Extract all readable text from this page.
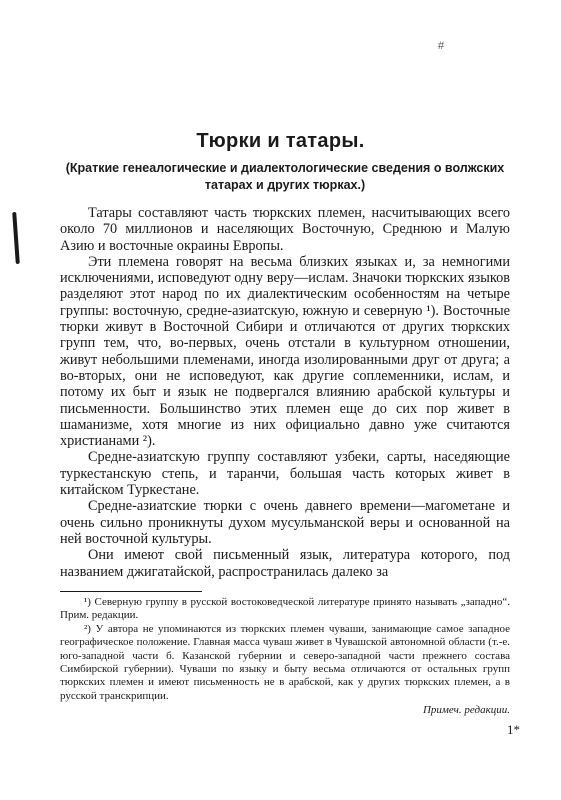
#
Тюрки и татары.
(Краткие генеалогические и диалектологические сведения о волжских татарах и других тюрках.)

Татары составляют часть тюркских племен, насчитывающих всего около 70 миллионов и населяющих Восточную, Среднюю и Малую Азию и восточные окраины Европы.

Эти племена говорят на весьма близких языках и, за немногими исключениями, исповедуют одну веру—ислам. Значоки тюркских языков разделяют этот народ по их диалектическим особенностям на четыре группы: восточную, средне-азиатскую, южную и северную ¹). Восточные тюрки живут в Восточной Сибири и отличаются от других тюркских групп тем, что, во-первых, очень отстали в культурном отношении, живут небольшими племенами, иногда изолированными друг от друга; а во-вторых, они не исповедуют, как другие соплеменники, ислам, и потому их быт и язык не подвергался влиянию арабской культуры и письменности. Большинство этих племен еще до сих пор живет в шаманизме, хотя многие из них официально давно уже считаются христианами ²).

Средне-азиатскую группу составляют узбеки, сарты, наседяющие туркестанскую степь, и таранчи, большая часть которых живет в китайском Туркестане.

Средне-азиатские тюрки с очень давнего времени—магометане и очень сильно проникнуты духом мусульманской веры и основанной на ней восточной культуры.

Они имеют свой письменный язык, литература которого, под названием джигатайской, распространилась далеко за

¹) Северную группу в русской востоковедческой литературе принято называть „западно“. Прим. редакции.

²) У автора не упоминаются из тюркских племен чуваши, занимающие самое западное географическое положение. Главная масса чуваш живет в Чувашской автономной области (т.-е. юго-западной части б. Казанской губернии и северо-западной части прежнего состава Симбирской губернии). Чуваши по языку и быту весьма отличаются от остальных групп тюркских племен и имеют письменность не в арабской, как у других тюркских племен, а в русской транскрипции.

Примеч. редакции.
1*
